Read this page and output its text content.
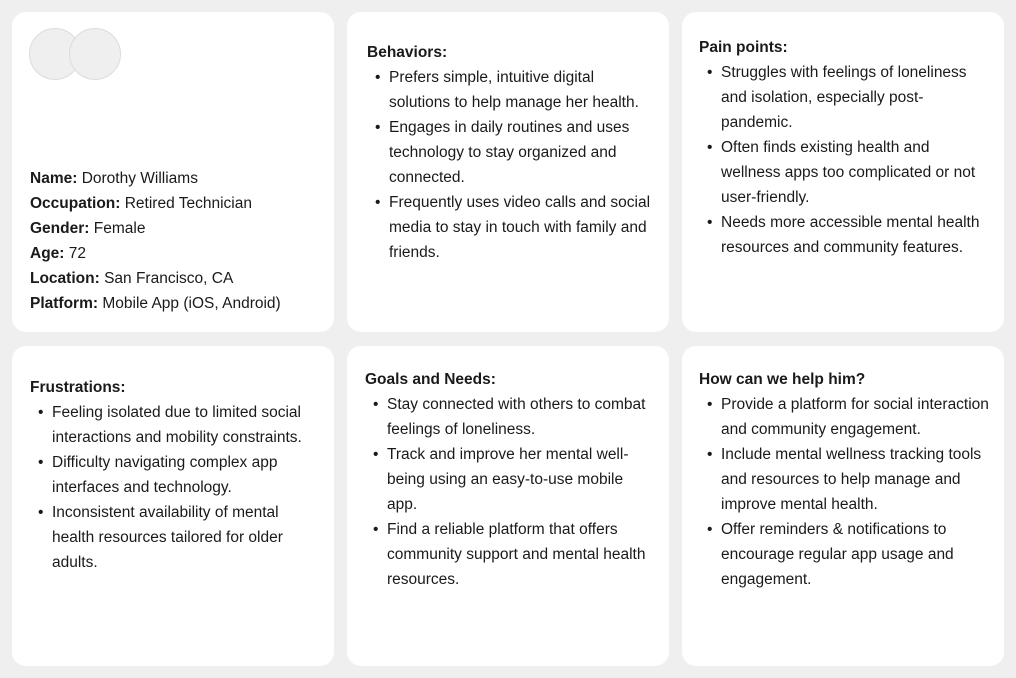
Name: Dorothy Williams
Occupation: Retired Technician
Gender: Female
Age: 72
Location: San Francisco, CA
Platform: Mobile App (iOS, Android)
Behaviors:
• Prefers simple, intuitive digital solutions to help manage her health.
• Engages in daily routines and uses technology to stay organized and connected.
• Frequently uses video calls and social media to stay in touch with family and friends.
Pain points:
• Struggles with feelings of loneliness and isolation, especially post-pandemic.
• Often finds existing health and wellness apps too complicated or not user-friendly.
• Needs more accessible mental health resources and community features.
Frustrations:
• Feeling isolated due to limited social interactions and mobility constraints.
• Difficulty navigating complex app interfaces and technology.
• Inconsistent availability of mental health resources tailored for older adults.
Goals and Needs:
• Stay connected with others to combat feelings of loneliness.
• Track and improve her mental well-being using an easy-to-use mobile app.
• Find a reliable platform that offers community support and mental health resources.
How can we help him?
• Provide a platform for social interaction and community engagement.
• Include mental wellness tracking tools and resources to help manage and improve mental health.
• Offer reminders & notifications to encourage regular app usage and engagement.
